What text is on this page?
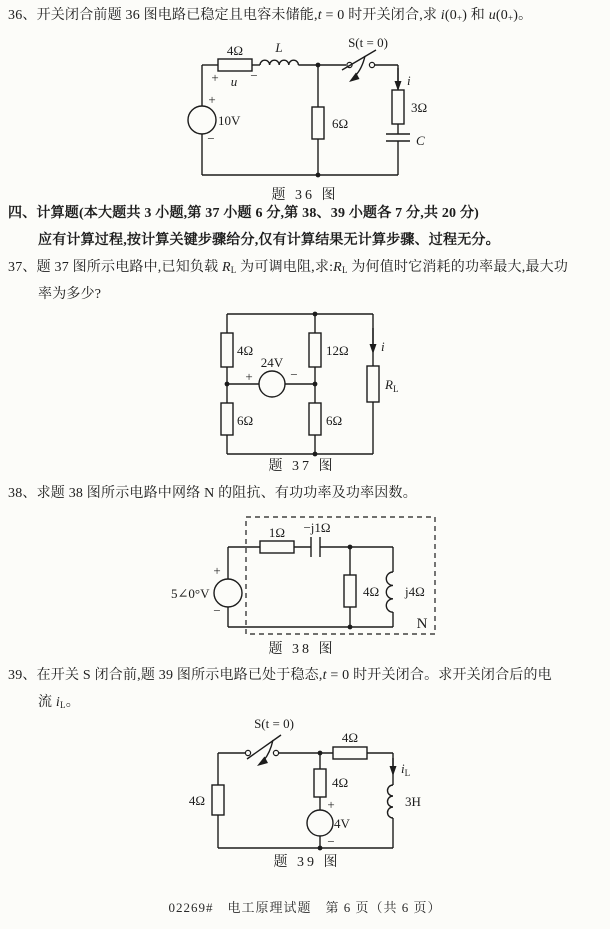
36、开关闭合前题 36 图电路已稳定且电容未储能,t = 0 时开关闭合,求 $i(0_+)$ 和 $u(0_+)$。
4Ω
+ u −
L	S(t = 0)
i
3Ω
C
+
−
10V	6Ω
题 36 图
四、计算题(本大题共 3 小题,第 37 小题 6 分,第 38、39 小题各 7 分,共 20 分)
应有计算过程,按计算关键步骤给分,仅有计算结果无计算步骤、过程无分。
37、题 37 图所示电路中,已知负载 $R_L$ 为可调电阻,求$:R_L$ 为何值时它消耗的功率最大,最大功
率为多少?
4Ω	12Ω
6Ω	6Ω
24V
+	−
i
$R_L$
题 37 图
38、求题 38 图所示电路中网络 N 的阻抗、有功功率及功率因数。
+
−
5∠0°V
1Ω −j1Ω
4Ω j4Ω
N
题 38 图
39、在开关 S 闭合前,题 39 图所示电路已处于稳态,t = 0 时开关闭合。求开关闭合后的电
流 $i_L$。
S(t = 0)
4Ω
4Ω
$i_L$
3H
4Ω
+
−
4V
题 39 图
02269#　电工原理试题　第 6 页（共 6 页）
